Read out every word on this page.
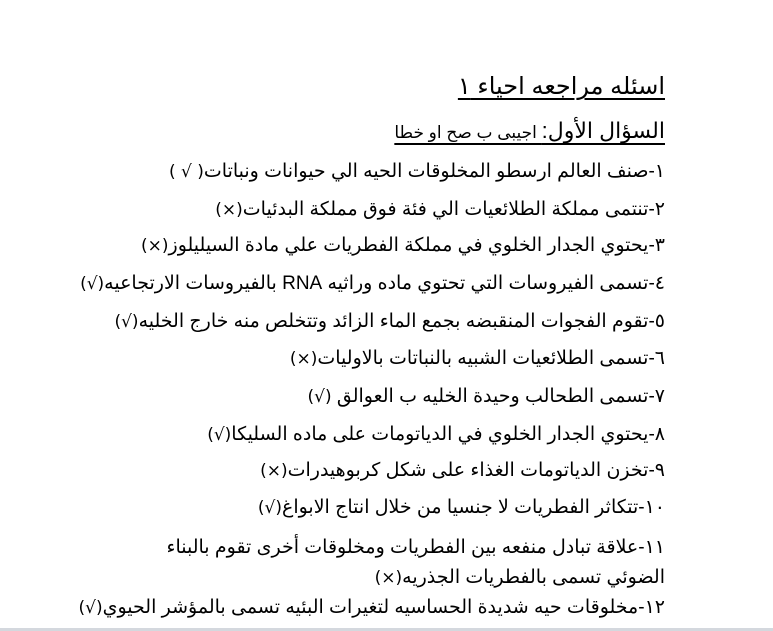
اسئله مراجعه احياء ١
السؤال الأول: اجيبى ب صح او خطا
١-صنف العالم ارسطو المخلوقات الحيه الي حيوانات ونباتات( √ )
٢-تنتمى مملكة الطلائعيات الي فئة فوق مملكة البدئيات(×)
٣-يحتوي الجدار الخلوي في مملكة الفطريات علي مادة السيليلوز(×)
٤-تسمى الفيروسات التي تحتوي ماده وراثيه RNA بالفيروسات الارتجاعيه(√)
٥-تقوم الفجوات المنقبضه بجمع الماء الزائد وتتخلص منه خارج الخليه(√)
٦-تسمى الطلائعيات الشبيه بالنباتات بالاوليات(×)
٧-تسمى الطحالب وحيدة الخليه ب العوالق (√)
٨-يحتوي الجدار الخلوي في الدياتومات على ماده السليكا(√)
٩-تخزن الدياتومات الغذاء على شكل كربوهيدرات(×)
١٠-تتكاثر الفطريات لا جنسيا من خلال انتاج الابواغ(√)
١١-علاقة تبادل منفعه بين الفطريات ومخلوقات أخرى تقوم بالبناء الضوئي تسمى بالفطريات الجذريه(×)
١٢-مخلوقات حيه شديدة الحساسيه لتغيرات البئيه تسمى بالمؤشر الحيوي(√)
